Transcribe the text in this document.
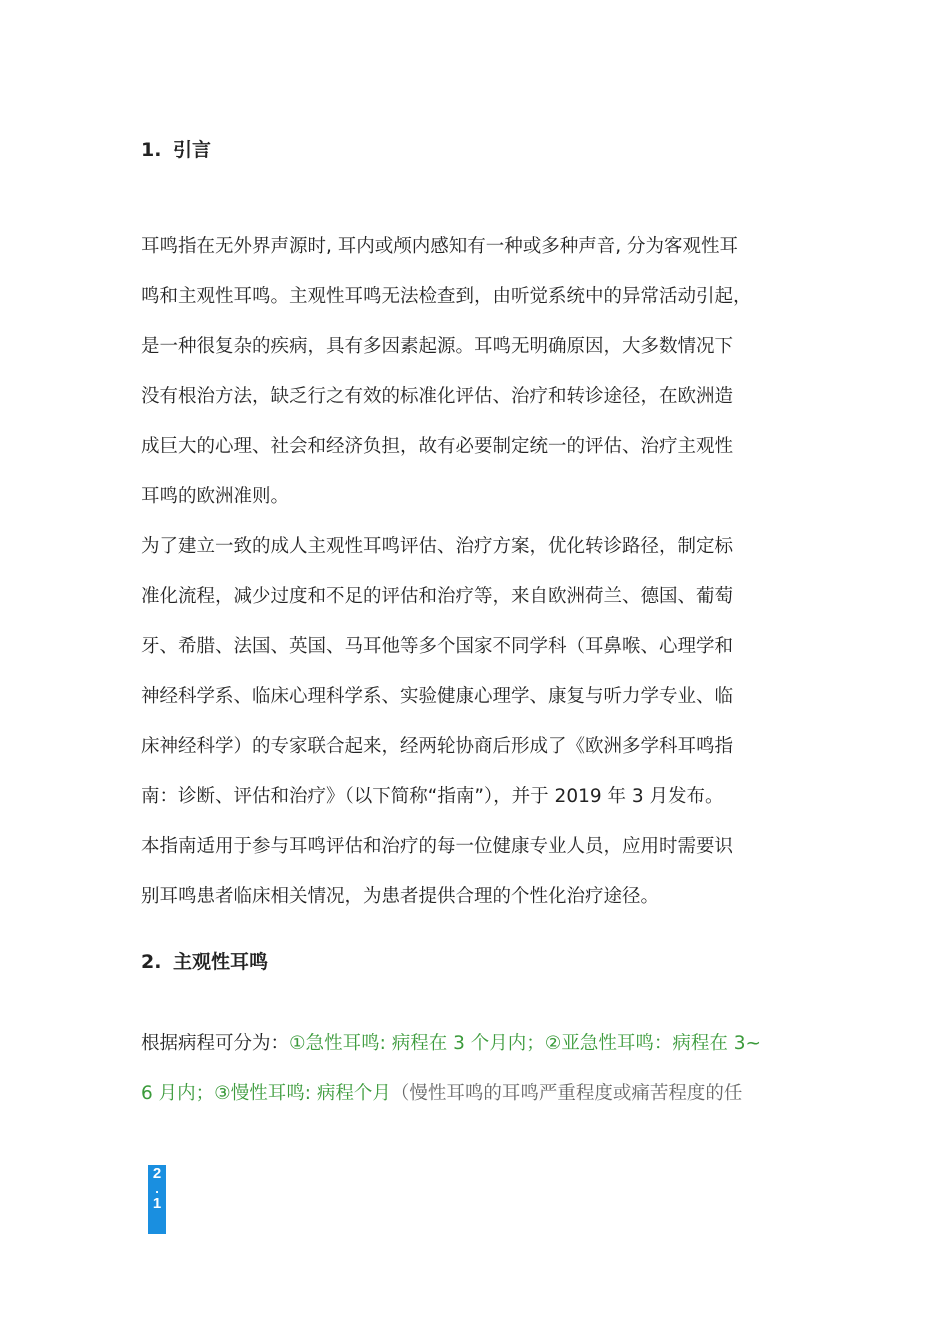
1. 引言
耳鸣指在无外界声源时, 耳内或颅内感知有一种或多种声音, 分为客观性耳
鸣和主观性耳鸣。主观性耳鸣无法检查到，由听觉系统中的异常活动引起，
是一种很复杂的疾病，具有多因素起源。耳鸣无明确原因，大多数情况下
没有根治方法，缺乏行之有效的标准化评估、治疗和转诊途径，在欧洲造
成巨大的心理、社会和经济负担，故有必要制定统一的评估、治疗主观性
耳鸣的欧洲准则。
为了建立一致的成人主观性耳鸣评估、治疗方案，优化转诊路径，制定标
准化流程，减少过度和不足的评估和治疗等，来自欧洲荷兰、德国、葡萄
牙、希腊、法国、英国、马耳他等多个国家不同学科（耳鼻喉、心理学和
神经科学系、临床心理科学系、实验健康心理学、康复与听力学专业、临
床神经科学）的专家联合起来，经两轮协商后形成了《欧洲多学科耳鸣指
南：诊断、评估和治疗》（以下简称“指南”），并于 2019 年 3 月发布。
本指南适用于参与耳鸣评估和治疗的每一位健康专业人员，应用时需要识
别耳鸣患者临床相关情况，为患者提供合理的个性化治疗途径。
2. 主观性耳鸣
根据病程可分为：①急性耳鸣: 病程在 3 个月内；②亚急性耳鸣：病程在 3~
6 月内；③慢性耳鸣: 病程个月（慢性耳鸣的耳鸣严重程度或痛苦程度的任
2
.
1
